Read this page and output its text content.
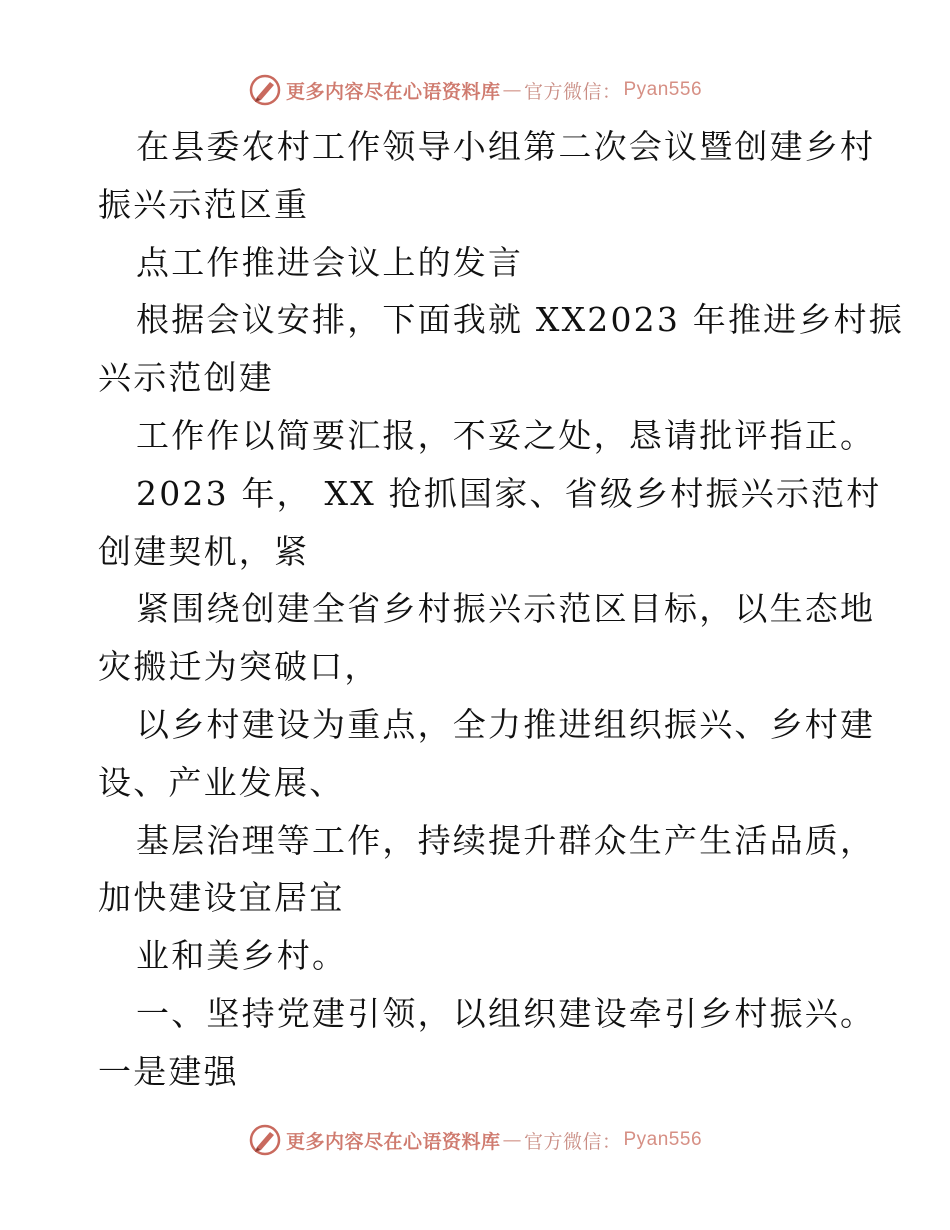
更多内容尽在心语资料库 — 官方微信： Pyan556
在县委农村工作领导小组第二次会议暨创建乡村
振兴示范区重
点工作推进会议上的发言
根据会议安排，下面我就 XX2023 年推进乡村振
兴示范创建
工作作以简要汇报，不妥之处，恳请批评指正。
2023 年， XX 抢抓国家、省级乡村振兴示范村
创建契机，紧
紧围绕创建全省乡村振兴示范区目标，以生态地
灾搬迁为突破口，
以乡村建设为重点，全力推进组织振兴、乡村建
设、产业发展、
基层治理等工作，持续提升群众生产生活品质，
加快建设宜居宜
业和美乡村。
一、坚持党建引领，以组织建设牵引乡村振兴。
一是建强
更多内容尽在心语资料库 — 官方微信： Pyan556
